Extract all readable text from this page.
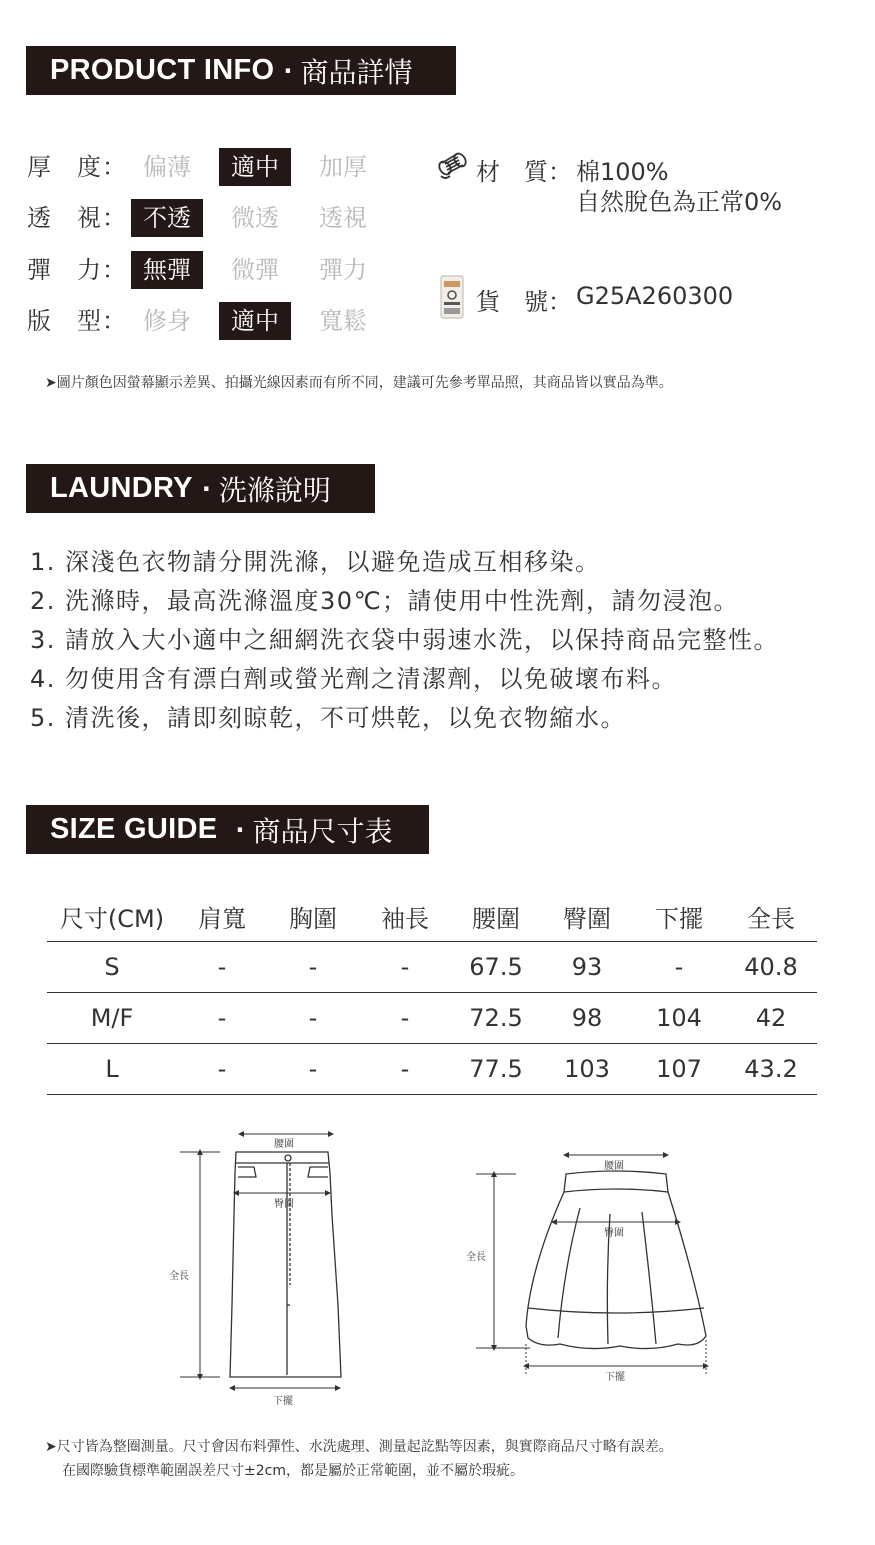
PRODUCT INFO · 商品詳情
厚　度： 偏薄	適中	加厚
透　視： 不透	微透	透視
彈　力： 無彈	微彈	彈力
版　型： 修身	適中	寬鬆
材　質： 棉100%
自然脫色為正常0%
貨　號： G25A260300
➤圖片顏色因螢幕顯示差異、拍攝光線因素而有所不同，建議可先參考單品照，其商品皆以實品為準。
LAUNDRY · 洗滌說明
1. 深淺色衣物請分開洗滌，以避免造成互相移染。
2. 洗滌時，最高洗滌溫度30℃；請使用中性洗劑，請勿浸泡。
3. 請放入大小適中之細網洗衣袋中弱速水洗，以保持商品完整性。
4. 勿使用含有漂白劑或螢光劑之清潔劑，以免破壞布料。
5. 清洗後，請即刻晾乾，不可烘乾，以免衣物縮水。
SIZE GUIDE · 商品尺寸表
尺寸(CM)	肩寬	胸圍	袖長	腰圍	臀圍	下擺	全長
S	-	-	-	67.5	93	-	40.8
M/F	-	-	-	72.5	98	104	42
L	-	-	-	77.5	103	107	43.2
腰圍
臀圍
全長
下擺
腰圍
臀圍
全長
下擺
➤尺寸皆為整圈測量。尺寸會因布料彈性、水洗處理、測量起訖點等因素，與實際商品尺寸略有誤差。
在國際驗貨標準範圍誤差尺寸±2cm，都是屬於正常範圍，並不屬於瑕疵。
